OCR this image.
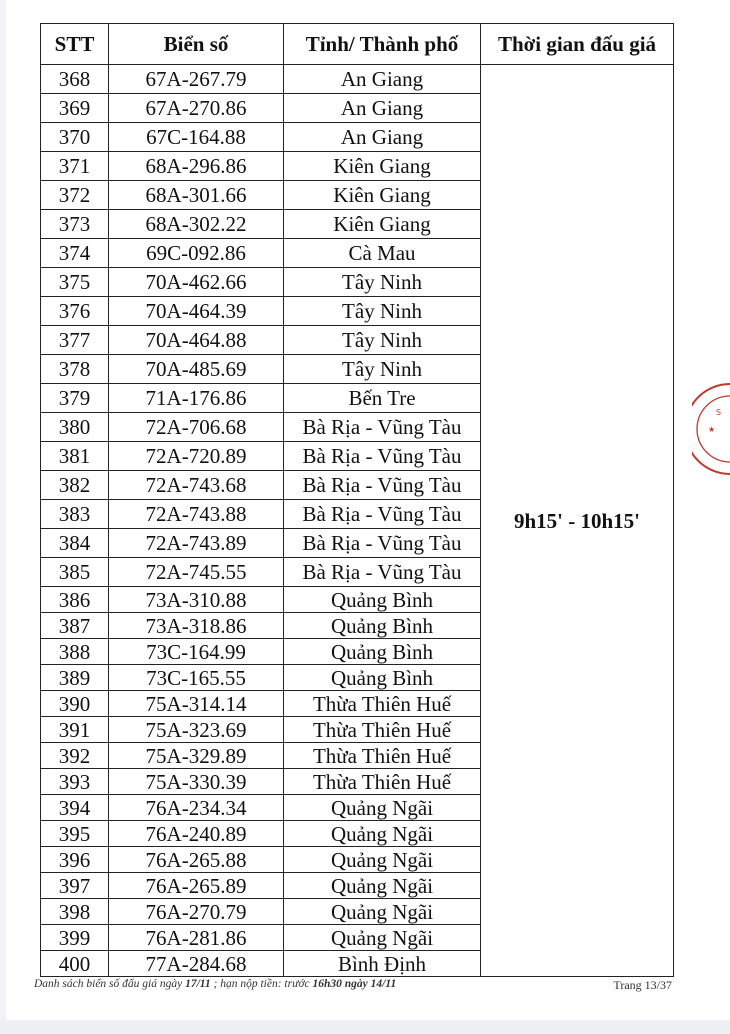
STT	Biển số	Tỉnh/ Thành phố	Thời gian đấu giá
368	67A-267.79	An Giang	9h15' - 10h15'
369	67A-270.86	An Giang	
370	67C-164.88	An Giang	
371	68A-296.86	Kiên Giang	
372	68A-301.66	Kiên Giang	
373	68A-302.22	Kiên Giang	
374	69C-092.86	Cà Mau	
375	70A-462.66	Tây Ninh	
376	70A-464.39	Tây Ninh	
377	70A-464.88	Tây Ninh	
378	70A-485.69	Tây Ninh	
379	71A-176.86	Bến Tre	
380	72A-706.68	Bà Rịa - Vũng Tàu	
381	72A-720.89	Bà Rịa - Vũng Tàu	
382	72A-743.68	Bà Rịa - Vũng Tàu	
383	72A-743.88	Bà Rịa - Vũng Tàu	
384	72A-743.89	Bà Rịa - Vũng Tàu	
385	72A-745.55	Bà Rịa - Vũng Tàu	
386	73A-310.88	Quảng Bình	
387	73A-318.86	Quảng Bình	
388	73C-164.99	Quảng Bình	
389	73C-165.55	Quảng Bình	
390	75A-314.14	Thừa Thiên Huế	
391	75A-323.69	Thừa Thiên Huế	
392	75A-329.89	Thừa Thiên Huế	
393	75A-330.39	Thừa Thiên Huế	
394	76A-234.34	Quảng Ngãi	
395	76A-240.89	Quảng Ngãi	
396	76A-265.88	Quảng Ngãi	
397	76A-265.89	Quảng Ngãi	
398	76A-270.79	Quảng Ngãi	
399	76A-281.86	Quảng Ngãi	
400	77A-284.68	Bình Định	
S
★
Danh sách biển số đấu giá ngày 17/11 ; hạn nộp tiền: trước 16h30 ngày 14/11	Trang 13/37
